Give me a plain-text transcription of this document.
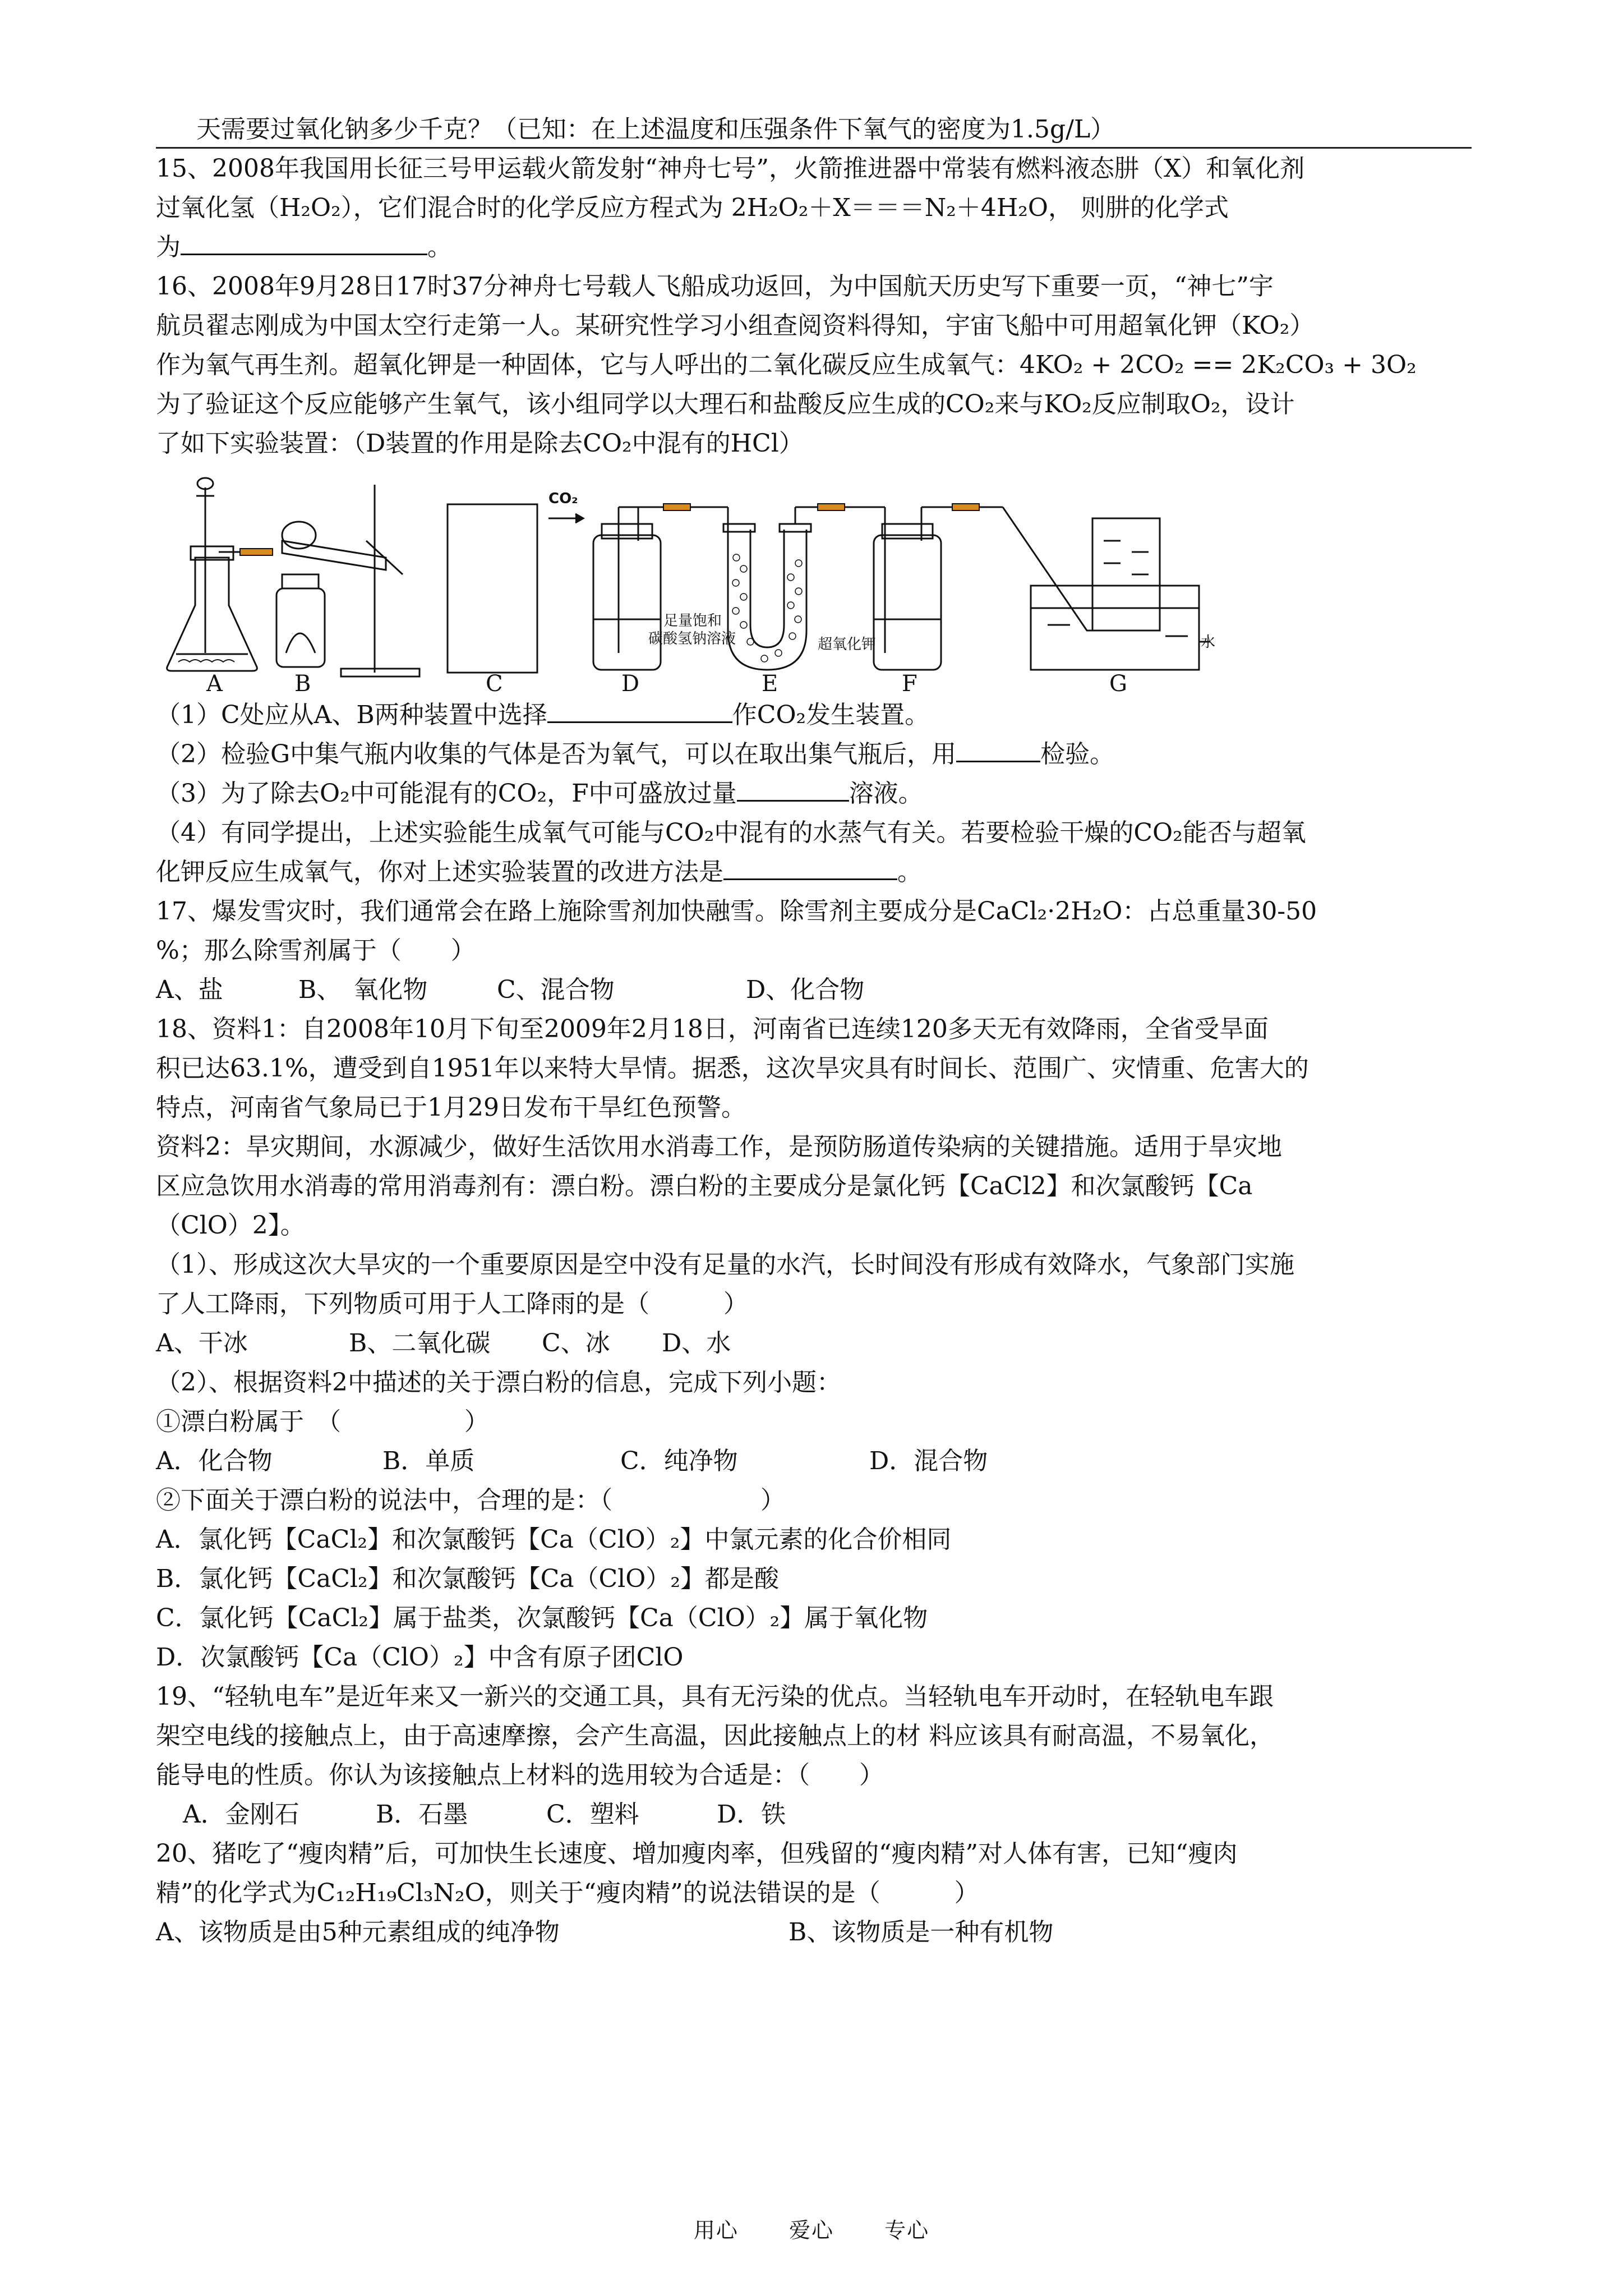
天需要过氧化钠多少千克？（已知：在上述温度和压强条件下氧气的密度为1.5g/L）
15、2008年我国用长征三号甲运载火箭发射“神舟七号”，火箭推进器中常装有燃料液态肼（X）和氧化剂
过氧化氢（H₂O₂），它们混合时的化学反应方程式为 2H₂O₂＋X＝＝＝N₂＋4H₂O， 则肼的化学式
为	。
16、2008年9月28日17时37分神舟七号载人飞船成功返回，为中国航天历史写下重要一页，“神七”宇
航员翟志刚成为中国太空行走第一人。某研究性学习小组查阅资料得知，宇宙飞船中可用超氧化钾（KO₂）
作为氧气再生剂。超氧化钾是一种固体，它与人呼出的二氧化碳反应生成氧气：4KO₂ + 2CO₂ == 2K₂CO₃ + 3O₂
为了验证这个反应能够产生氧气，该小组同学以大理石和盐酸反应生成的CO₂来与KO₂反应制取O₂，设计
了如下实验装置：（D装置的作用是除去CO₂中混有的HCl）
A	B	C	D	E	F	G
CO₂
足量饱和
碳酸氢钠溶液	超氧化钾	水
（1）C处应从A、B两种装置中选择	作CO₂发生装置。
（2）检验G中集气瓶内收集的气体是否为氧气，可以在取出集气瓶后，用	检验。
（3）为了除去O₂中可能混有的CO₂，F中可盛放过量	溶液。
（4）有同学提出，上述实验能生成氧气可能与CO₂中混有的水蒸气有关。若要检验干燥的CO₂能否与超氧
化钾反应生成氧气，你对上述实验装置的改进方法是	。
17、爆发雪灾时，我们通常会在路上施除雪剂加快融雪。除雪剂主要成分是CaCl₂·2H₂O：占总重量30-50
%；那么除雪剂属于（　　）
A、盐	B、　氧化物	C、混合物	D、化合物
18、资料1：自2008年10月下旬至2009年2月18日，河南省已连续120多天无有效降雨，全省受旱面
积已达63.1%，遭受到自1951年以来特大旱情。据悉，这次旱灾具有时间长、范围广、灾情重、危害大的
特点，河南省气象局已于1月29日发布干旱红色预警。
资料2：旱灾期间，水源减少，做好生活饮用水消毒工作，是预防肠道传染病的关键措施。适用于旱灾地
区应急饮用水消毒的常用消毒剂有：漂白粉。漂白粉的主要成分是氯化钙【CaCl2】和次氯酸钙【Ca
（ClO）2】。
（1）、形成这次大旱灾的一个重要原因是空中没有足量的水汽，长时间没有形成有效降水，气象部门实施
了人工降雨，下列物质可用于人工降雨的是（　　　）
A、干冰	B、二氧化碳 C、冰 D、水
（2）、根据资料2中描述的关于漂白粉的信息，完成下列小题：
①漂白粉属于　（　　　　　）
A．化合物	B．单质	C．纯净物	D．混合物
②下面关于漂白粉的说法中，合理的是：（　　　　　　）
A．氯化钙【CaCl₂】和次氯酸钙【Ca（ClO）₂】中氯元素的化合价相同
B．氯化钙【CaCl₂】和次氯酸钙【Ca（ClO）₂】都是酸
C．氯化钙【CaCl₂】属于盐类，次氯酸钙【Ca（ClO）₂】属于氧化物
D．次氯酸钙【Ca（ClO）₂】中含有原子团ClO
19、“轻轨电车”是近年来又一新兴的交通工具，具有无污染的优点。当轻轨电车开动时，在轻轨电车跟
架空电线的接触点上，由于高速摩擦，会产生高温，因此接触点上的材 料应该具有耐高温，不易氧化，
能导电的性质。你认为该接触点上材料的选用较为合适是：（　　）
A．金刚石	B．石墨	C．塑料	D．铁
20、猪吃了“瘦肉精”后，可加快生长速度、增加瘦肉率，但残留的“瘦肉精”对人体有害，已知“瘦肉
精”的化学式为C₁₂H₁₉Cl₃N₂O，则关于“瘦肉精”的说法错误的是（　　　）
A、该物质是由5种元素组成的纯净物	B、该物质是一种有机物
用心 爱心 专心
